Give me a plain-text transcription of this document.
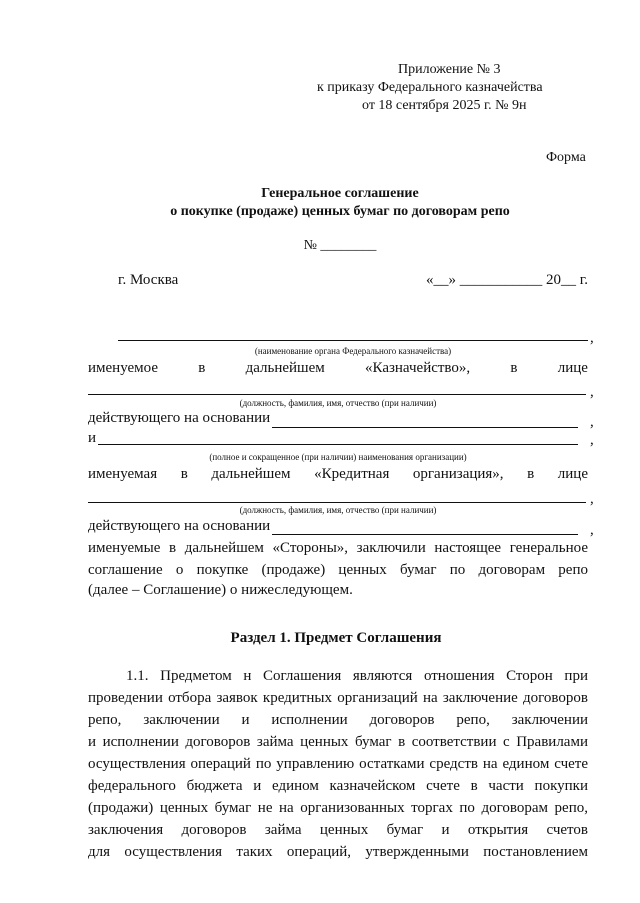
Приложение № 3
к приказу Федерального казначейства
от 18 сентября 2025 г. № 9н
Форма
Генеральное соглашение
о покупке (продаже) ценных бумаг по договорам репо
№ ________
г. Москва	«__» ___________ 20__ г.
,
(наименование органа Федерального казначейства)
именуемое	в	дальнейшем	«Казначейство»,	в	лице
,
(должность, фамилия, имя, отчество (при наличии)
действующего на основании	,
и	,
(полное и сокращенное (при наличии) наименования организации)
именуемая в дальнейшем «Кредитная организация», в лице
,
(должность, фамилия, имя, отчество (при наличии)
действующего на основании	,
именуемые в дальнейшем «Стороны», заключили настоящее генеральное
соглашение о покупке (продаже) ценных бумаг по договорам репо
(далее – Соглашение) о нижеследующем.
Раздел 1. Предмет Соглашения
1.1. Предметом н Соглашения являются отношения Сторон при
проведении отбора заявок кредитных организаций на заключение договоров
репо, заключении и исполнении договоров репо, заключении
и исполнении договоров займа ценных бумаг в соответствии с Правилами
осуществления операций по управлению остатками средств на едином счете
федерального бюджета и едином казначейском счете в части покупки
(продажи) ценных бумаг не на организованных торгах по договорам репо,
заключения договоров займа ценных бумаг и открытия счетов
для осуществления таких операций, утвержденными постановлением
